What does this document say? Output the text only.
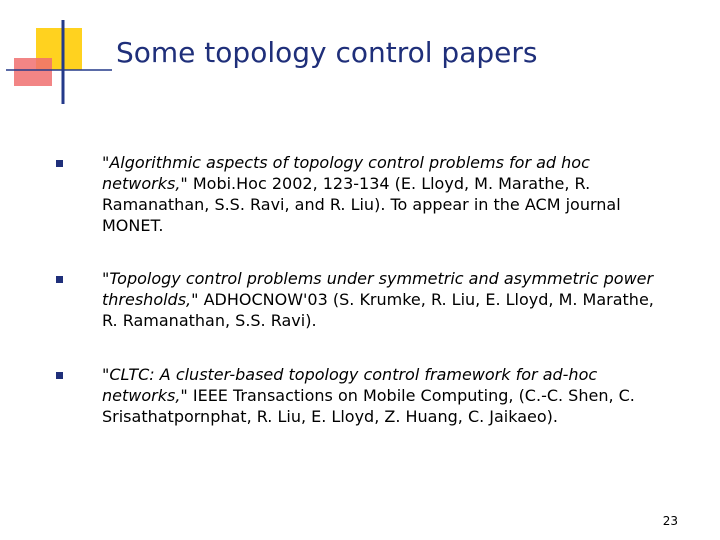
Some topology control papers

"Algorithmic aspects of topology control problems for ad hoc networks," Mobi.Hoc 2002, 123-134 (E. Lloyd, M. Marathe, R. Ramanathan, S.S. Ravi, and R. Liu). To appear in the ACM journal MONET.

"Topology control problems under symmetric and asymmetric power thresholds," ADHOCNOW'03 (S. Krumke, R. Liu, E. Lloyd, M. Marathe, R. Ramanathan, S.S. Ravi).

"CLTC: A cluster-based topology control framework for ad-hoc networks," IEEE Transactions on Mobile Computing, (C.-C. Shen, C. Srisathatpornphat, R. Liu, E. Lloyd, Z. Huang, C. Jaikaeo).

23
